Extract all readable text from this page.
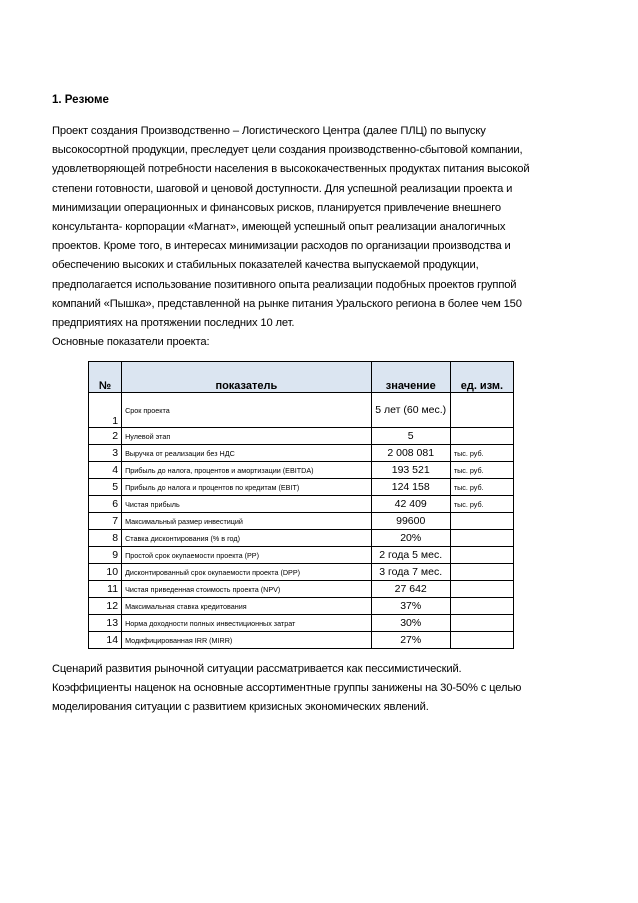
1. Резюме
Проект создания Производственно – Логистического Центра (далее ПЛЦ) по выпуску
высокосортной продукции, преследует цели создания производственно-сбытовой компании,
удовлетворяющей потребности населения в высококачественных продуктах питания высокой
степени готовности, шаговой и ценовой доступности. Для успешной реализации проекта и
минимизации операционных и финансовых рисков, планируется привлечение внешнего
консультанта- корпорации «Магнат», имеющей успешный опыт реализации аналогичных
проектов. Кроме того, в интересах минимизации расходов по организации производства и
обеспечению высоких и стабильных показателей качества выпускаемой продукции,
предполагается использование позитивного опыта реализации подобных проектов группой
компаний «Пышка», представленной на рынке питания Уральского региона в более чем 150
предприятиях на протяжении последних 10 лет.
Основные показатели проекта:
№	показатель	значение	ед. изм.
1	Срок проекта	5 лет (60 мес.)	
2	Нулевой этап	5	
3	Выручка от реализации без НДС	2 008 081	тыс. руб.
4	Прибыль до налога, процентов и амортизации (EBITDA)	193 521	тыс. руб.
5	Прибыль до налога и процентов по кредитам (EBIT)	124 158	тыс. руб.
6	Чистая прибыль	42 409	тыс. руб.
7	Максимальный размер инвестиций	99600	
8	Ставка дисконтирования (% в год)	20%	
9	Простой срок окупаемости проекта (PP)	2 года 5 мес.	
10	Дисконтированный срок окупаемости проекта (DPP)	3 года 7 мес.	
11	Чистая приведенная стоимость проекта (NPV)	27 642	
12	Максимальная ставка кредитования	37%	
13	Норма доходности полных инвестиционных затрат	30%	
14	Модифицированная IRR (MIRR)	27%	
Сценарий развития рыночной ситуации рассматривается как пессимистический.
Коэффициенты наценок на основные ассортиментные группы занижены на 30-50% с целью
моделирования ситуации с развитием кризисных экономических явлений.
